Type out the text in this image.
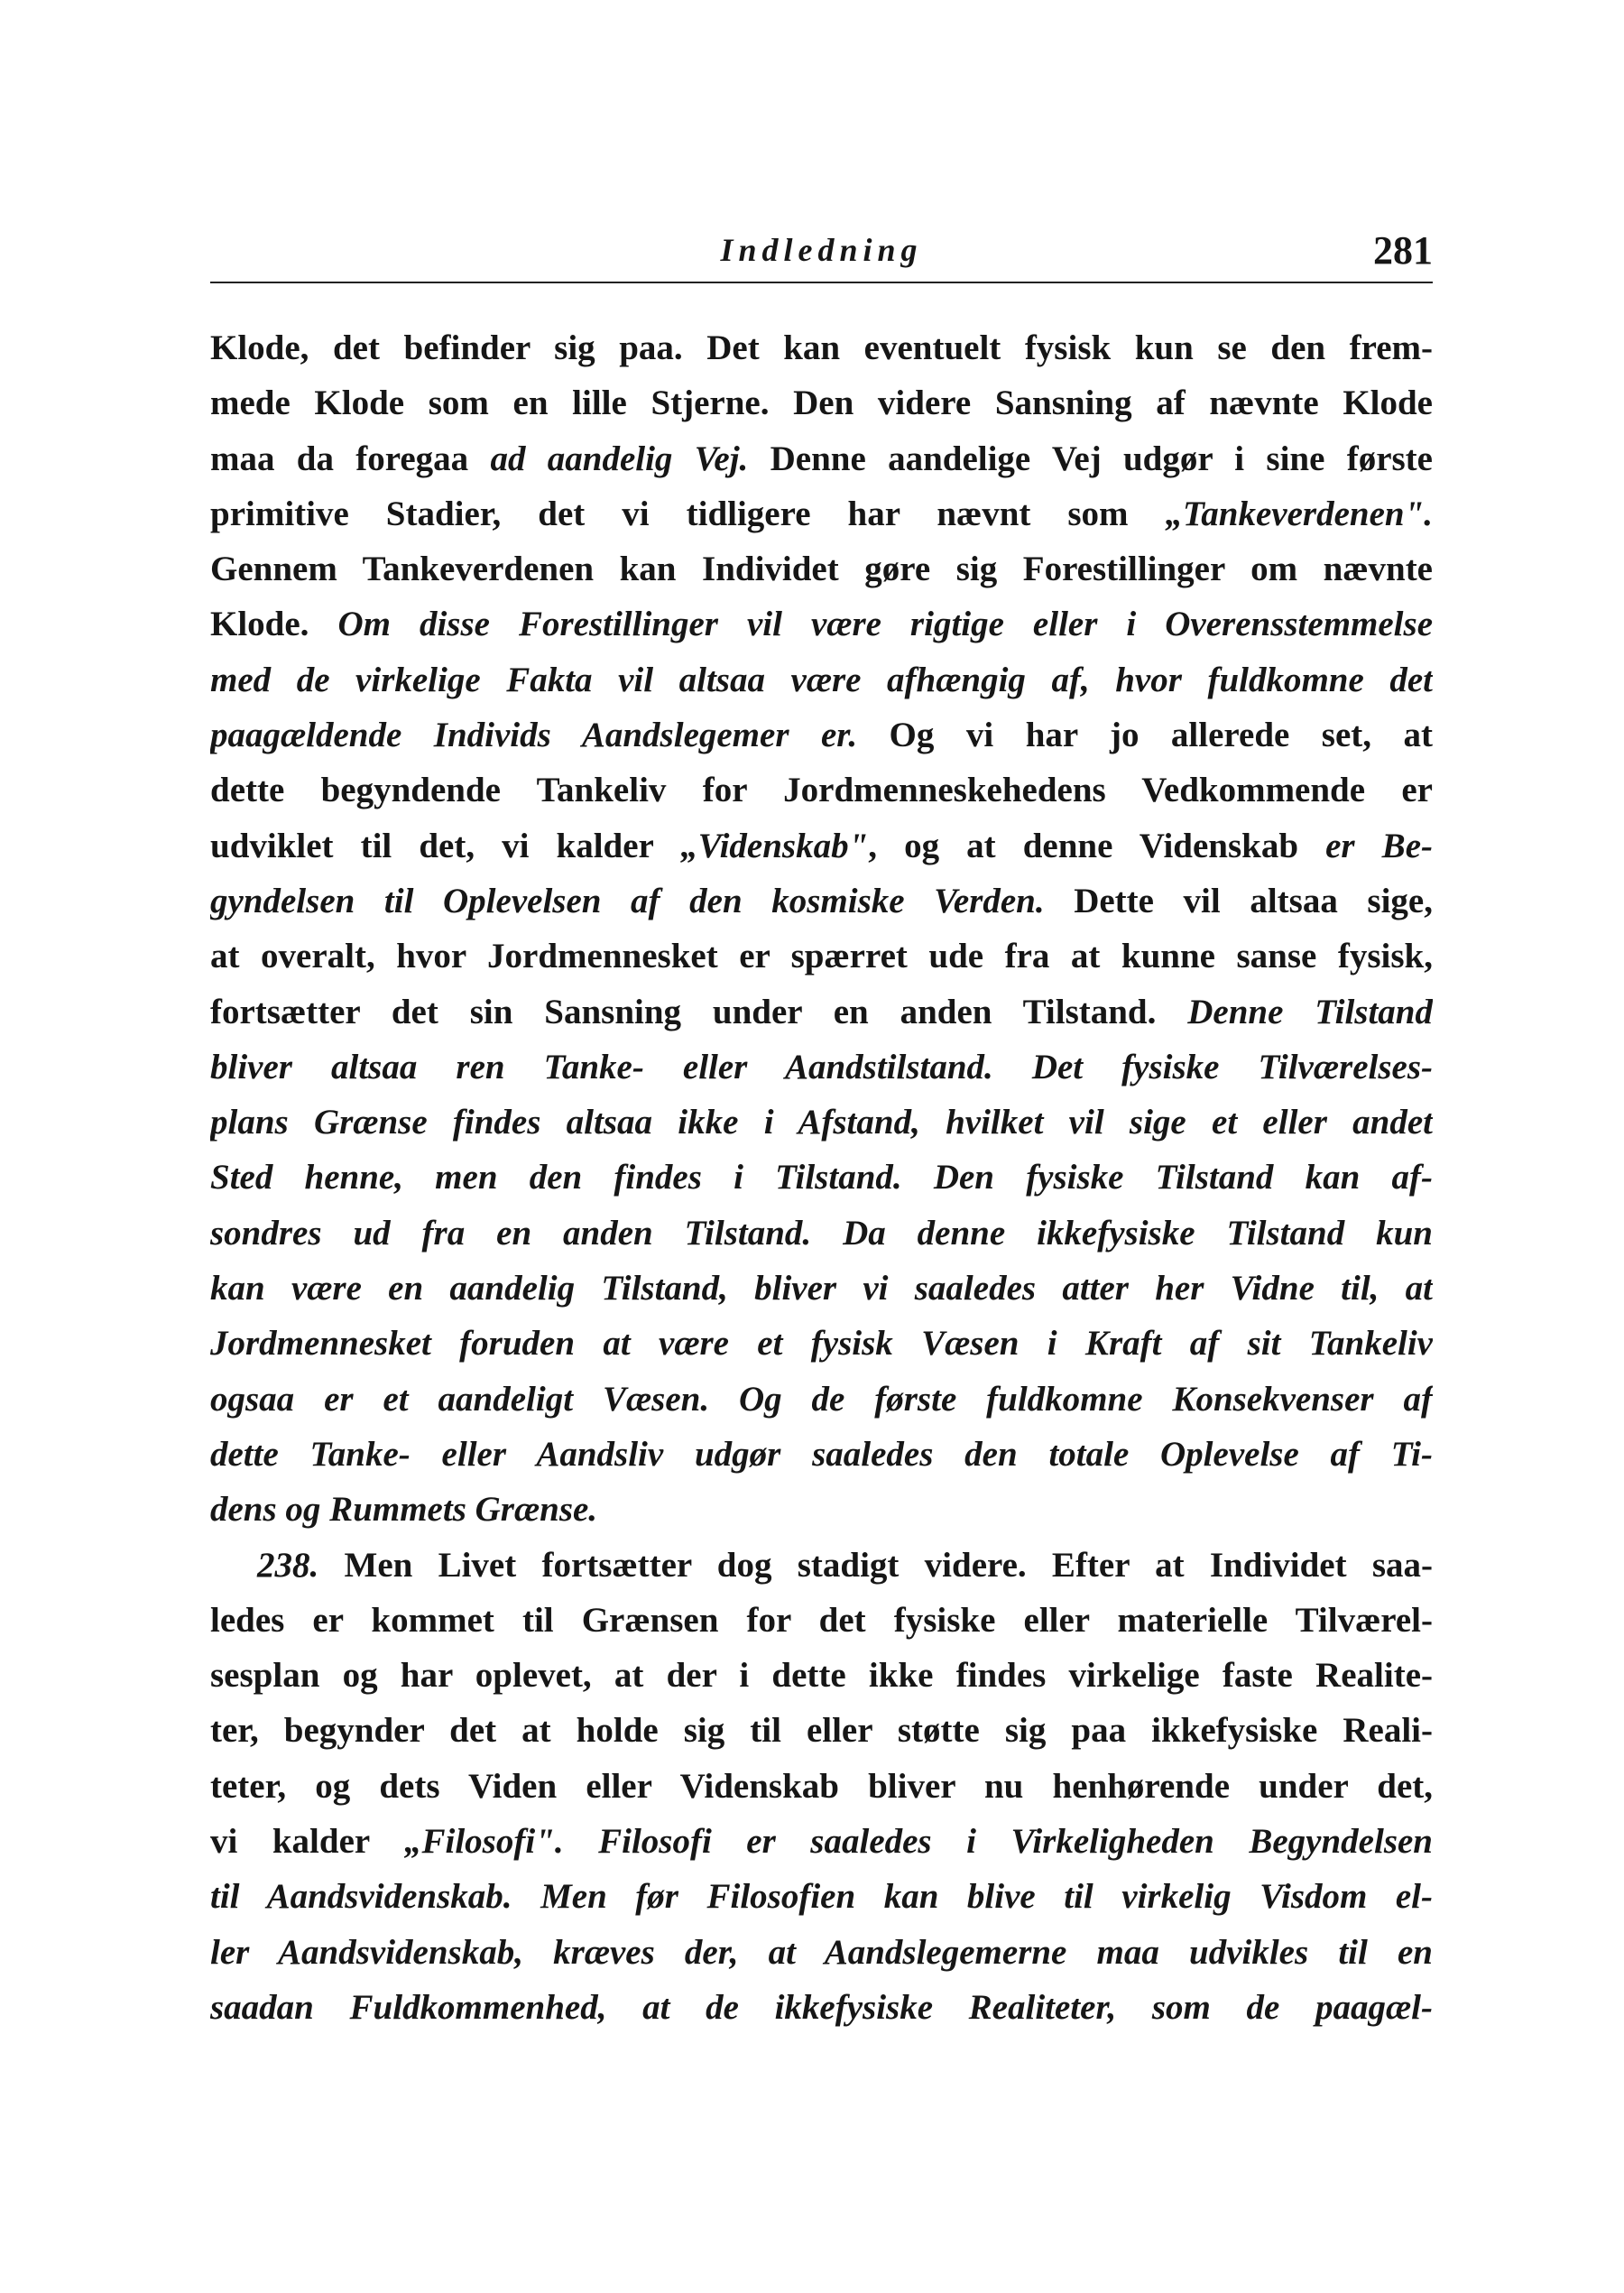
Indledning	281
Klode, det befinder sig paa. Det kan eventuelt fysisk kun se den frem-
mede Klode som en lille Stjerne. Den videre Sansning af nævnte Klode
maa da foregaa ad aandelig Vej. Denne aandelige Vej udgør i sine første
primitive Stadier, det vi tidligere har nævnt som „Tankeverdenen".
Gennem Tankeverdenen kan Individet gøre sig Forestillinger om nævnte
Klode. Om disse Forestillinger vil være rigtige eller i Overensstemmelse
med de virkelige Fakta vil altsaa være afhængig af, hvor fuldkomne det
paagældende Individs Aandslegemer er. Og vi har jo allerede set, at
dette begyndende Tankeliv for Jordmenneskehedens Vedkommende er
udviklet til det, vi kalder „Videnskab", og at denne Videnskab er Be-
gyndelsen til Oplevelsen af den kosmiske Verden. Dette vil altsaa sige,
at overalt, hvor Jordmennesket er spærret ude fra at kunne sanse fysisk,
fortsætter det sin Sansning under en anden Tilstand. Denne Tilstand
bliver altsaa ren Tanke- eller Aandstilstand. Det fysiske Tilværelses-
plans Grænse findes altsaa ikke i Afstand, hvilket vil sige et eller andet
Sted henne, men den findes i Tilstand. Den fysiske Tilstand kan af-
sondres ud fra en anden Tilstand. Da denne ikkefysiske Tilstand kun
kan være en aandelig Tilstand, bliver vi saaledes atter her Vidne til, at
Jordmennesket foruden at være et fysisk Væsen i Kraft af sit Tankeliv
ogsaa er et aandeligt Væsen. Og de første fuldkomne Konsekvenser af
dette Tanke- eller Aandsliv udgør saaledes den totale Oplevelse af Ti-
dens og Rummets Grænse.
238. Men Livet fortsætter dog stadigt videre. Efter at Individet saa-
ledes er kommet til Grænsen for det fysiske eller materielle Tilværel-
sesplan og har oplevet, at der i dette ikke findes virkelige faste Realite-
ter, begynder det at holde sig til eller støtte sig paa ikkefysiske Reali-
teter, og dets Viden eller Videnskab bliver nu henhørende under det,
vi kalder „Filosofi". Filosofi er saaledes i Virkeligheden Begyndelsen
til Aandsvidenskab. Men før Filosofien kan blive til virkelig Visdom el-
ler Aandsvidenskab, kræves der, at Aandslegemerne maa udvikles til en
saadan Fuldkommenhed, at de ikkefysiske Realiteter, som de paagæl-
